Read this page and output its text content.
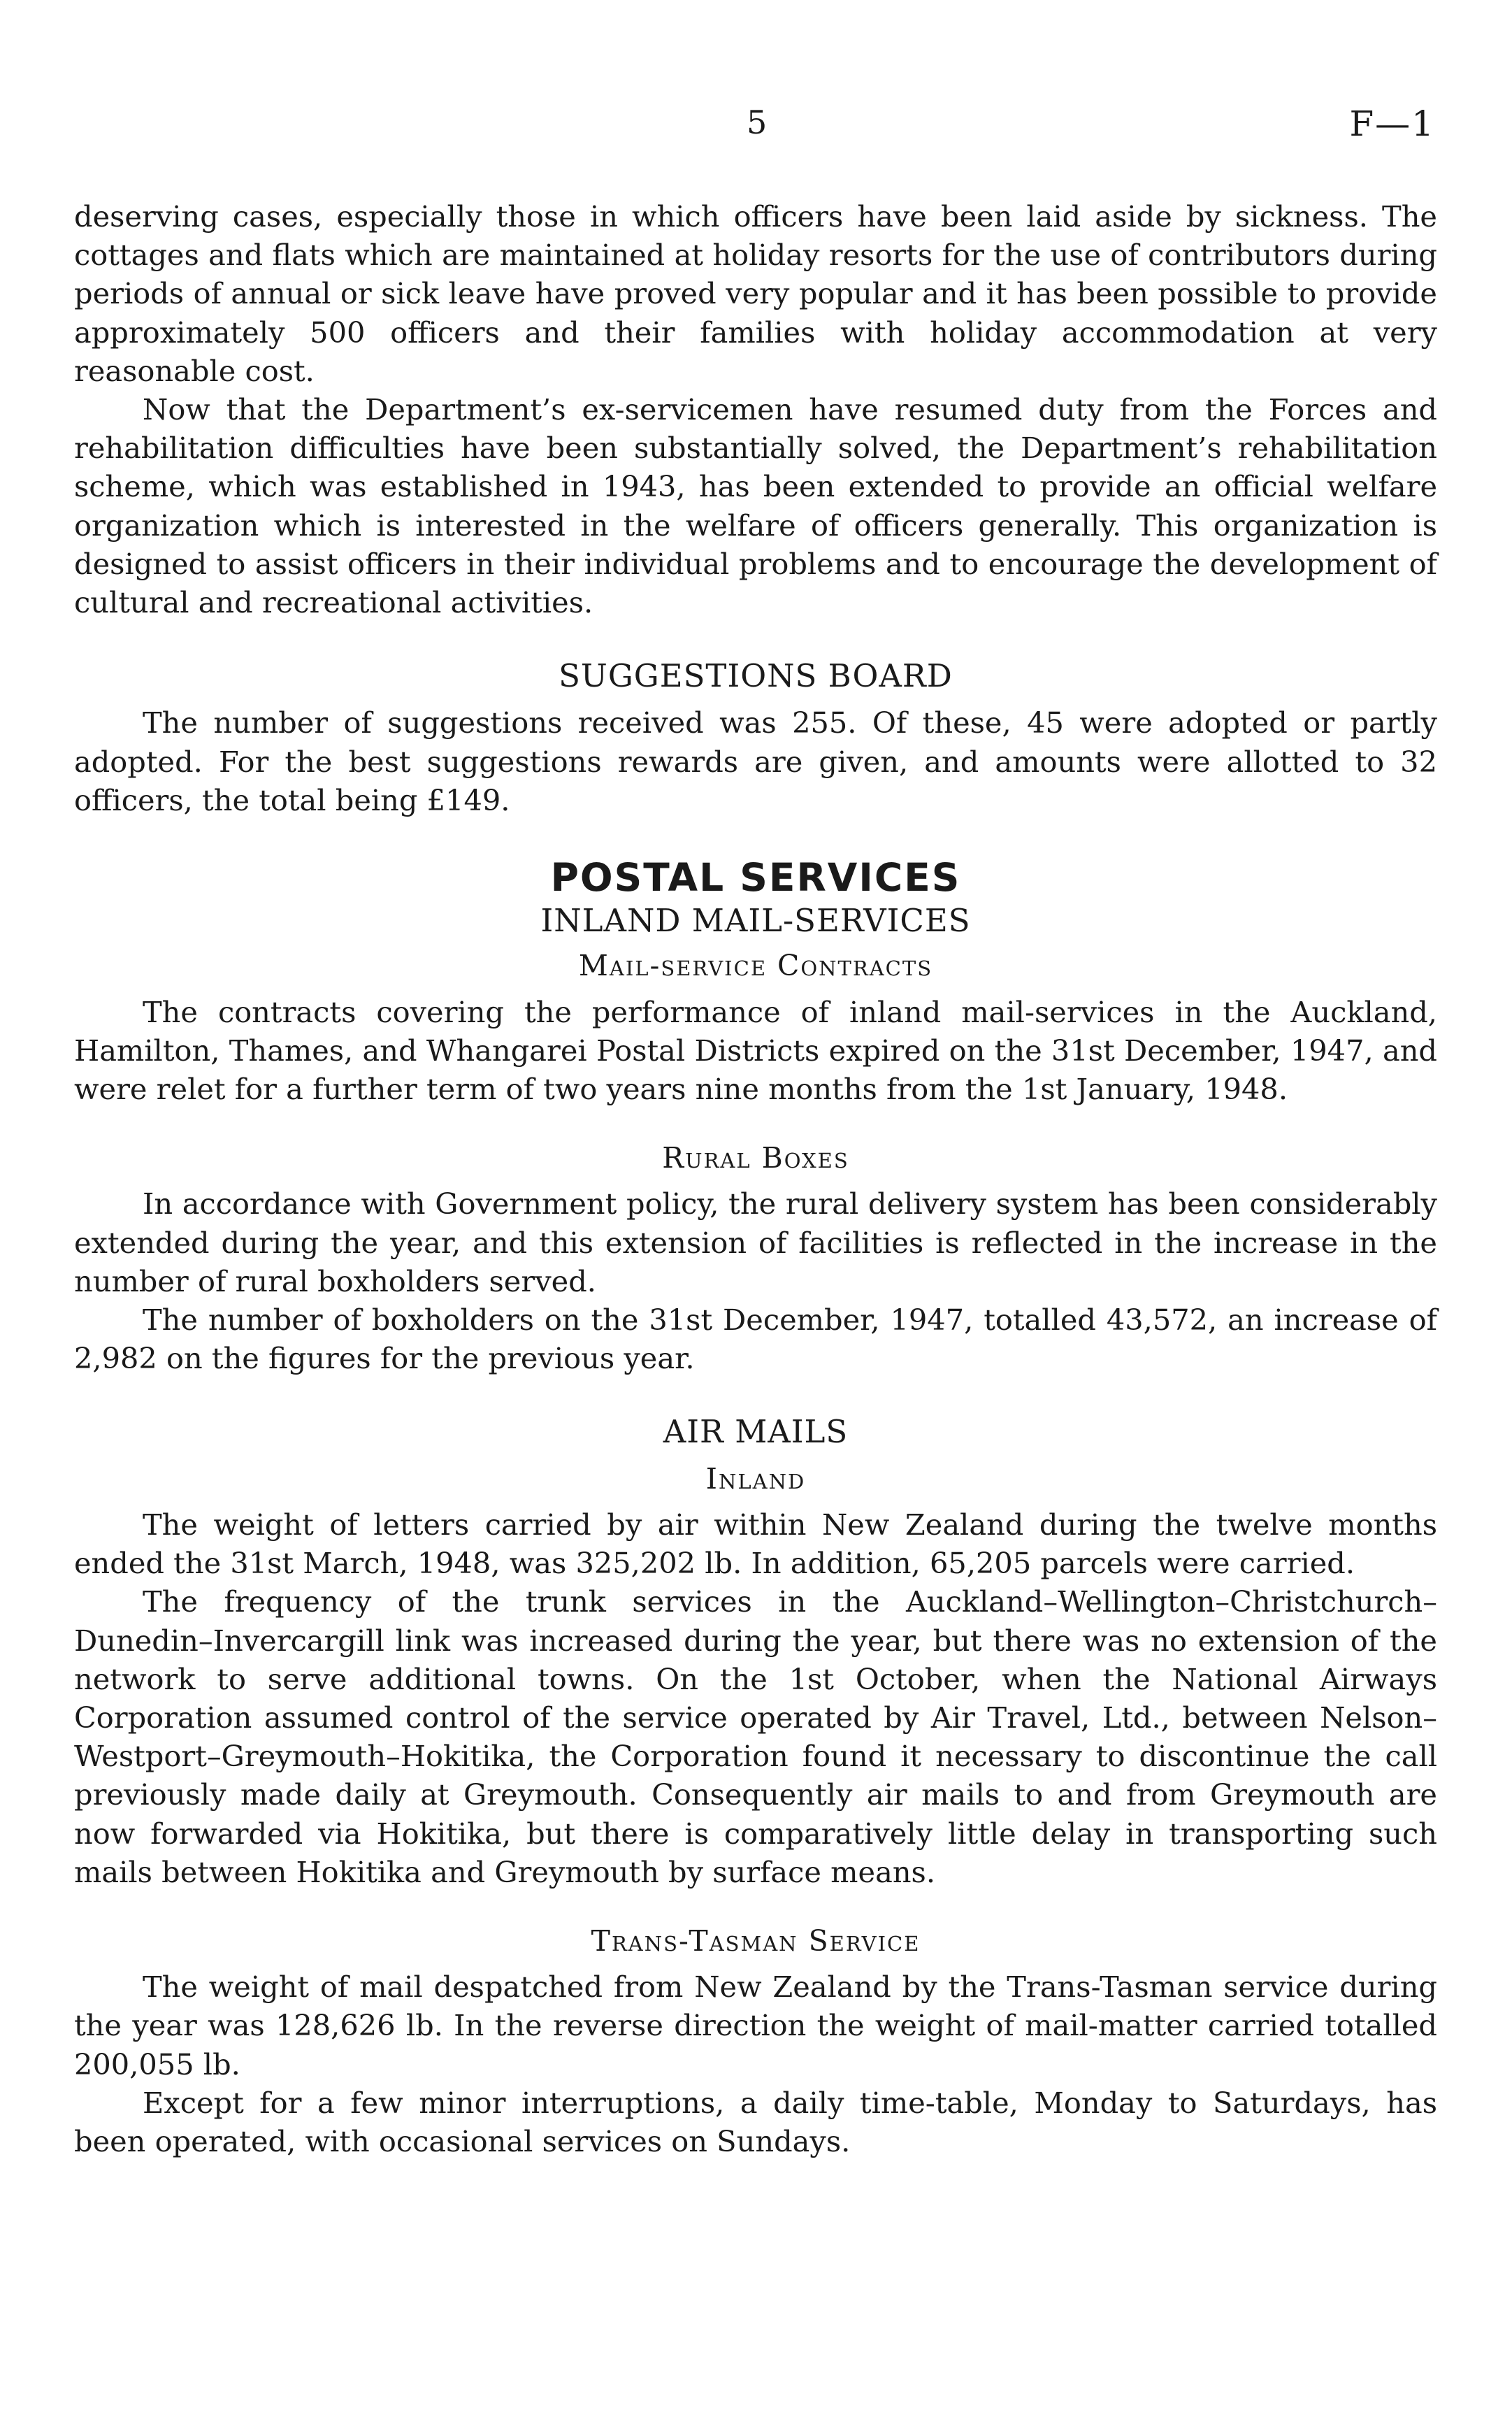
5	F—1

deserving cases, especially those in which officers have been laid aside by sickness. The cottages and flats which are maintained at holiday resorts for the use of contributors during periods of annual or sick leave have proved very popular and it has been possible to provide approximately 500 officers and their families with holiday accommodation at very reasonable cost.

Now that the Department’s ex-servicemen have resumed duty from the Forces and rehabilitation difficulties have been substantially solved, the Department’s rehabilitation scheme, which was established in 1943, has been extended to provide an official welfare organization which is interested in the welfare of officers generally. This organization is designed to assist officers in their individual problems and to encourage the development of cultural and recreational activities.

SUGGESTIONS BOARD

The number of suggestions received was 255. Of these, 45 were adopted or partly adopted. For the best suggestions rewards are given, and amounts were allotted to 32 officers, the total being £149.

POSTAL SERVICES
INLAND MAIL-SERVICES
Mail-service Contracts

The contracts covering the performance of inland mail-services in the Auckland, Hamilton, Thames, and Whangarei Postal Districts expired on the 31st December, 1947, and were relet for a further term of two years nine months from the 1st January, 1948.

Rural Boxes

In accordance with Government policy, the rural delivery system has been considerably extended during the year, and this extension of facilities is reflected in the increase in the number of rural boxholders served.

The number of boxholders on the 31st December, 1947, totalled 43,572, an increase of 2,982 on the figures for the previous year.

AIR MAILS
Inland

The weight of letters carried by air within New Zealand during the twelve months ended the 31st March, 1948, was 325,202 lb. In addition, 65,205 parcels were carried.

The frequency of the trunk services in the Auckland–Wellington–Christchurch–Dunedin–Invercargill link was increased during the year, but there was no extension of the network to serve additional towns. On the 1st October, when the National Airways Corporation assumed control of the service operated by Air Travel, Ltd., between Nelson–Westport–Greymouth–Hokitika, the Corporation found it necessary to discontinue the call previously made daily at Greymouth. Consequently air mails to and from Greymouth are now forwarded via Hokitika, but there is comparatively little delay in transporting such mails between Hokitika and Greymouth by surface means.

Trans-Tasman Service

The weight of mail despatched from New Zealand by the Trans-Tasman service during the year was 128,626 lb. In the reverse direction the weight of mail-matter carried totalled 200,055 lb.

Except for a few minor interruptions, a daily time-table, Monday to Saturdays, has been operated, with occasional services on Sundays.
